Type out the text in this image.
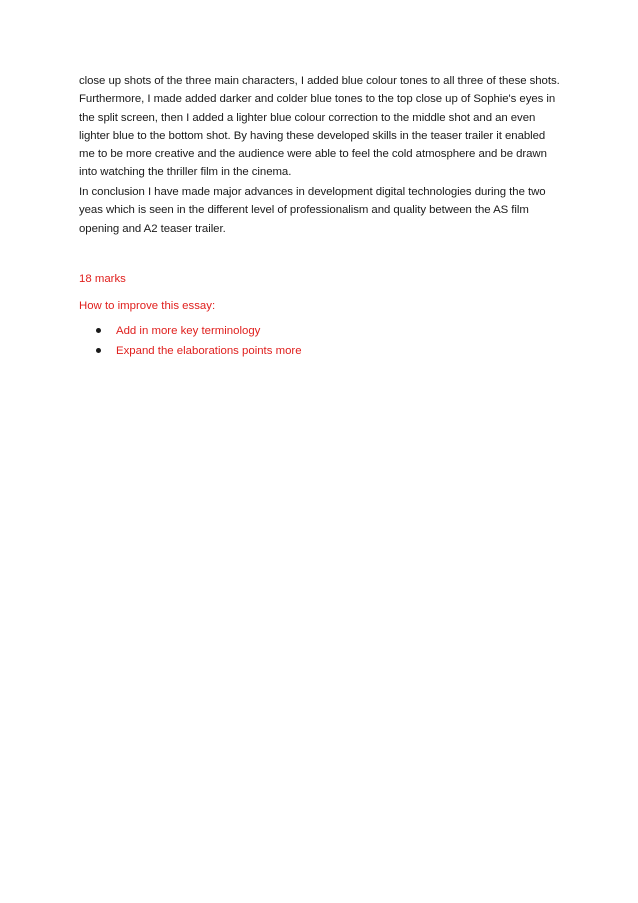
close up shots of the three main characters, I added blue colour tones to all three of these shots. Furthermore, I made added darker and colder blue tones to the top close up of Sophie's eyes in the split screen, then I added a lighter blue colour correction to the middle shot and an even lighter blue to the bottom shot. By having these developed skills in the teaser trailer it enabled me to be more creative and the audience were able to feel the cold atmosphere and be drawn into watching the thriller film in the cinema.

In conclusion I have made major advances in development digital technologies during the two yeas which is seen in the different level of professionalism and quality between the AS film opening and A2 teaser trailer.

18 marks

How to improve this essay:

Add in more key terminology
Expand the elaborations points more
